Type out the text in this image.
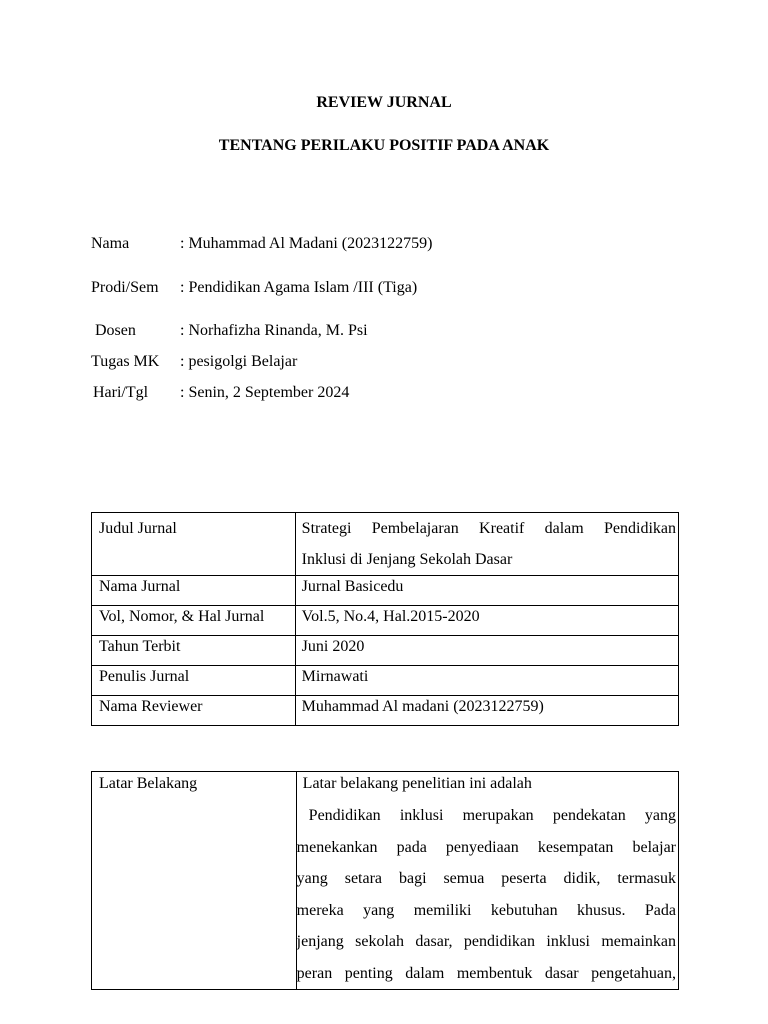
REVIEW JURNAL
TENTANG PERILAKU POSITIF PADA ANAK
Nama	: Muhammad Al Madani (2023122759)
Prodi/Sem : Pendidikan Agama Islam /III (Tiga)
Dosen	: Norhafizha Rinanda, M. Psi
Tugas MK : pesigolgi Belajar
Hari/Tgl : Senin, 2 September 2024
Judul Jurnal	Strategi Pembelajaran Kreatif dalam Pendidikan
Inklusi di Jenjang Sekolah Dasar

Nama Jurnal	Jurnal Basicedu
Vol, Nomor, & Hal Jurnal	Vol.5, No.4, Hal.2015-2020
Tahun Terbit	Juni 2020
Penulis Jurnal	Mirnawati
Nama Reviewer	Muhammad Al madani (2023122759)
Latar Belakang	Latar belakang penelitian ini adalah
Pendidikan inklusi merupakan pendekatan yang
menekankan pada penyediaan kesempatan belajar
yang setara bagi semua peserta didik, termasuk
mereka yang memiliki kebutuhan khusus. Pada
jenjang sekolah dasar, pendidikan inklusi memainkan
peran penting dalam membentuk dasar pengetahuan,
